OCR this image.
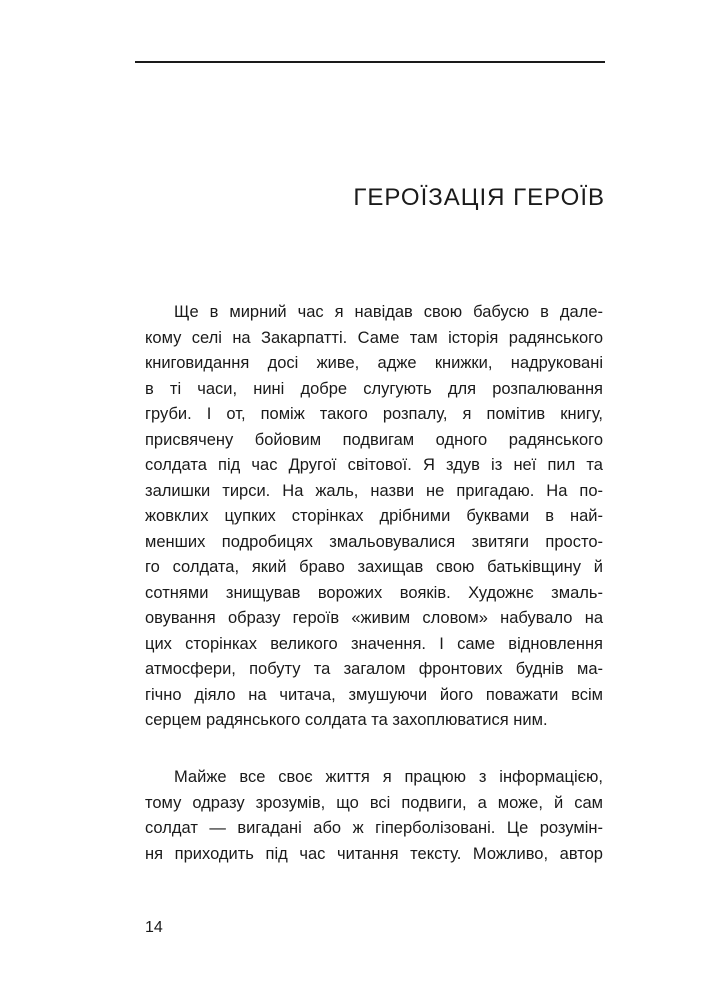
ГЕРОЇЗАЦІЯ ГЕРОЇВ
Ще в мирний час я навідав свою бабусю в дале-
кому селі на Закарпатті. Саме там історія радянського
книговидання досі живе, адже книжки, надруковані
в ті часи, нині добре слугують для розпалювання
груби. І от, поміж такого розпалу, я помітив книгу,
присвячену бойовим подвигам одного радянського
солдата під час Другої світової. Я здув із неї пил та
залишки тирси. На жаль, назви не пригадаю. На по-
жовклих цупких сторінках дрібними буквами в най-
менших подробицях змальовувалися звитяги просто-
го солдата, який браво захищав свою батьківщину й
сотнями знищував ворожих вояків. Художнє змаль-
овування образу героїв «живим словом» набувало на
цих сторінках великого значення. І саме відновлення
атмосфери, побуту та загалом фронтових буднів ма-
гічно діяло на читача, змушуючи його поважати всім
серцем радянського солдата та захоплюватися ним.
Майже все своє життя я працюю з інформацією,
тому одразу зрозумів, що всі подвиги, а може, й сам
солдат — вигадані або ж гіперболізовані. Це розумін-
ня приходить під час читання тексту. Можливо, автор
14
